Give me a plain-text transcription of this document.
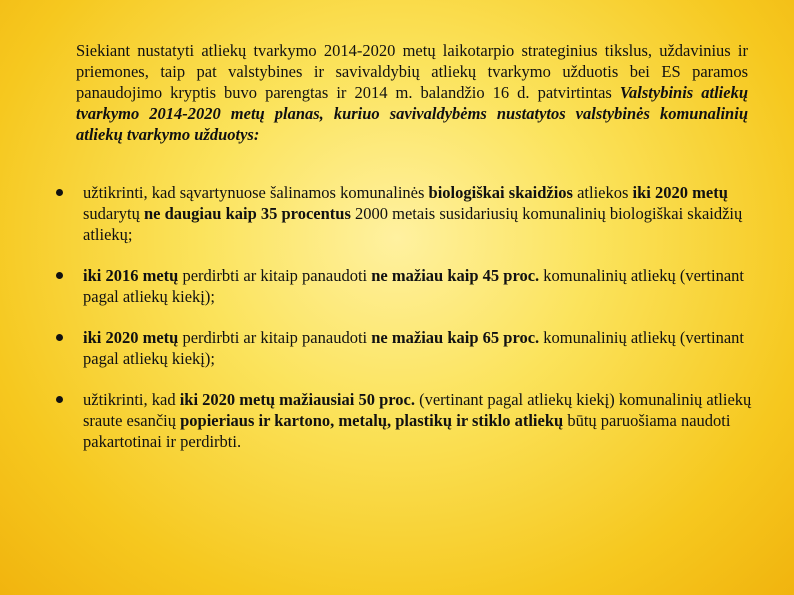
Siekiant nustatyti atliekų tvarkymo 2014-2020 metų laikotarpio strateginius tikslus, uždavinius ir priemones, taip pat valstybines ir savivaldybių atliekų tvarkymo užduotis bei ES paramos panaudojimo kryptis buvo parengtas ir 2014 m. balandžio 16 d. patvirtintas Valstybinis atliekų tvarkymo 2014-2020 metų planas, kuriuo savivaldybėms nustatytos valstybinės komunalinių atliekų tvarkymo užduotys:

užtikrinti, kad sąvartynuose šalinamos komunalinės biologiškai skaidžios atliekos iki 2020 metų sudarytų ne daugiau kaip 35 procentus 2000 metais susidariusių komunalinių biologiškai skaidžių atliekų;
iki 2016 metų perdirbti ar kitaip panaudoti ne mažiau kaip 45 proc. komunalinių atliekų (vertinant pagal atliekų kiekį);
iki 2020 metų perdirbti ar kitaip panaudoti ne mažiau kaip 65 proc. komunalinių atliekų (vertinant pagal atliekų kiekį);
užtikrinti, kad iki 2020 metų mažiausiai 50 proc. (vertinant pagal atliekų kiekį) komunalinių atliekų sraute esančių popieriaus ir kartono, metalų, plastikų ir stiklo atliekų būtų paruošiama naudoti pakartotinai ir perdirbti.
